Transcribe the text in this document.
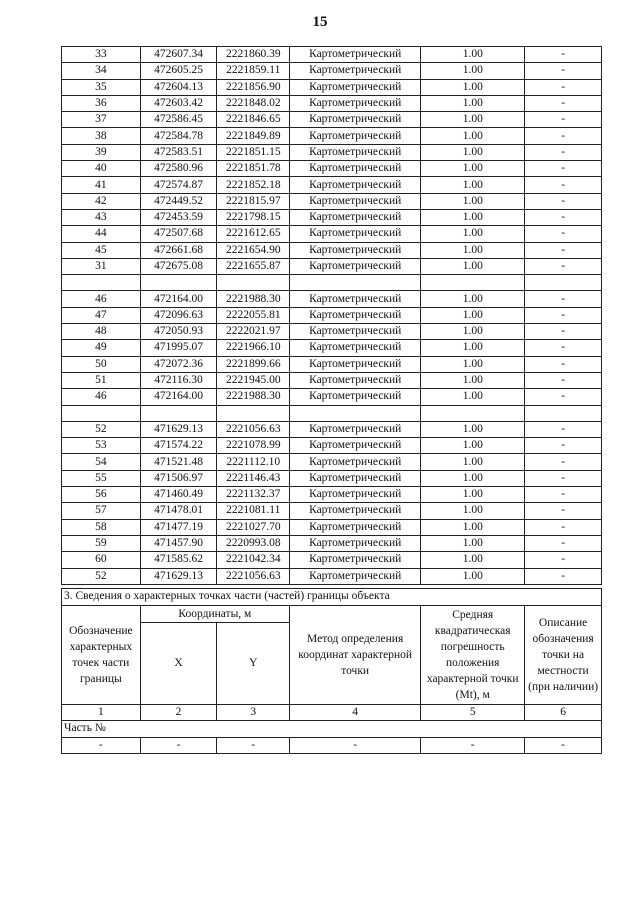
15
33	472607.34	2221860.39	Картометрический	1.00	-
34	472605.25	2221859.11	Картометрический	1.00	-
35	472604.13	2221856.90	Картометрический	1.00	-
36	472603.42	2221848.02	Картометрический	1.00	-
37	472586.45	2221846.65	Картометрический	1.00	-
38	472584.78	2221849.89	Картометрический	1.00	-
39	472583.51	2221851.15	Картометрический	1.00	-
40	472580.96	2221851.78	Картометрический	1.00	-
41	472574.87	2221852.18	Картометрический	1.00	-
42	472449.52	2221815.97	Картометрический	1.00	-
43	472453.59	2221798.15	Картометрический	1.00	-
44	472507.68	2221612.65	Картометрический	1.00	-
45	472661.68	2221654.90	Картометрический	1.00	-
31	472675.08	2221655.87	Картометрический	1.00	-

46	472164.00	2221988.30	Картометрический	1.00	-
47	472096.63	2222055.81	Картометрический	1.00	-
48	472050.93	2222021.97	Картометрический	1.00	-
49	471995.07	2221966.10	Картометрический	1.00	-
50	472072.36	2221899.66	Картометрический	1.00	-
51	472116.30	2221945.00	Картометрический	1.00	-
46	472164.00	2221988.30	Картометрический	1.00	-

52	471629.13	2221056.63	Картометрический	1.00	-
53	471574.22	2221078.99	Картометрический	1.00	-
54	471521.48	2221112.10	Картометрический	1.00	-
55	471506.97	2221146.43	Картометрический	1.00	-
56	471460.49	2221132.37	Картометрический	1.00	-
57	471478.01	2221081.11	Картометрический	1.00	-
58	471477.19	2221027.70	Картометрический	1.00	-
59	471457.90	2220993.08	Картометрический	1.00	-
60	471585.62	2221042.34	Картометрический	1.00	-
52	471629.13	2221056.63	Картометрический	1.00	-
3. Сведения о характерных точках части (частей) границы объекта					
Обозначение характерных точек части границы	Координаты, м		Метод определения координат характерной точки	Средняя квадратическая погрешность положения характерной точки (Mt), м	Описание обозначения точки на местности (при наличии)
	X	Y			
1	2	3	4	5	6
Часть №					
-	-	-	-	-	-
